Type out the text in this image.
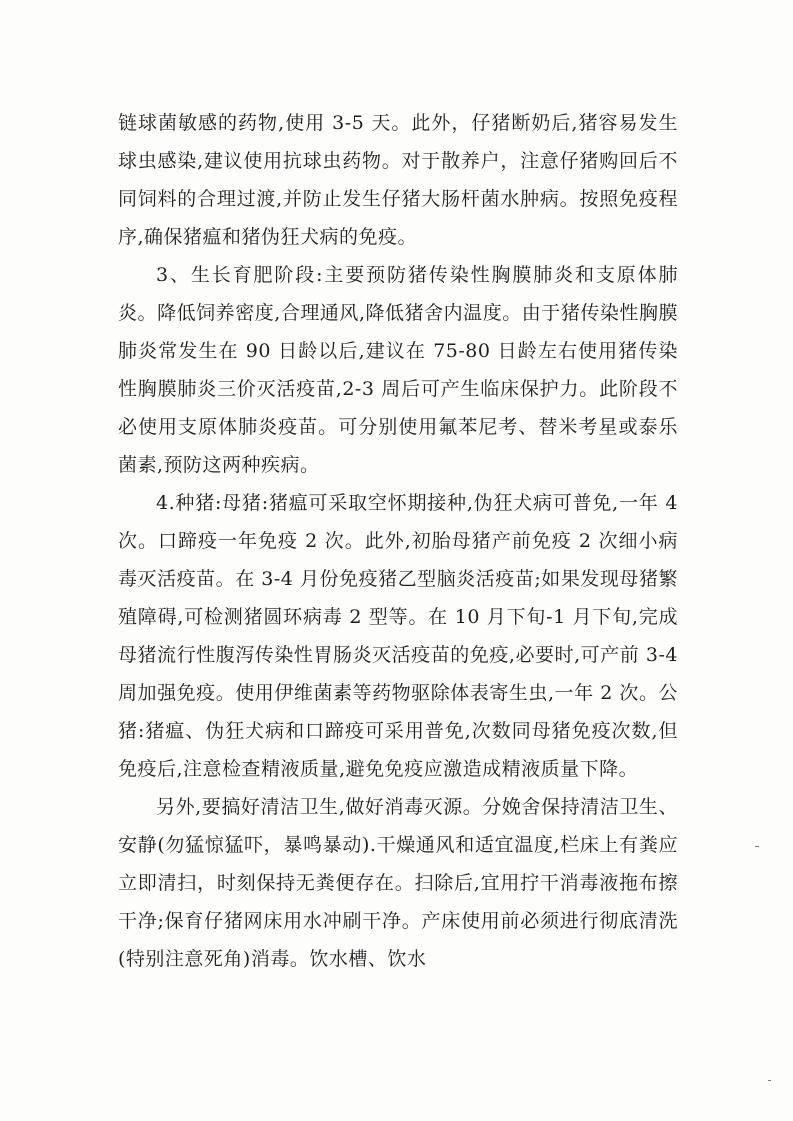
链球菌敏感的药物,使用 3-5 天。此外，仔猪断奶后,猪容易发生球虫感染,建议使用抗球虫药物。对于散养户，注意仔猪购回后不同饲料的合理过渡,并防止发生仔猪大肠杆菌水肿病。按照免疫程序,确保猪瘟和猪伪狂犬病的免疫。

3、生长育肥阶段:主要预防猪传染性胸膜肺炎和支原体肺炎。降低饲养密度,合理通风,降低猪舍内温度。由于猪传染性胸膜肺炎常发生在 90 日龄以后,建议在 75-80 日龄左右使用猪传染性胸膜肺炎三价灭活疫苗,2-3 周后可产生临床保护力。此阶段不必使用支原体肺炎疫苗。可分别使用氟苯尼考、替米考星或泰乐菌素,预防这两种疾病。

4.种猪:母猪:猪瘟可采取空怀期接种,伪狂犬病可普免,一年 4 次。口蹄疫一年免疫 2 次。此外,初胎母猪产前免疫 2 次细小病毒灭活疫苗。在 3-4 月份免疫猪乙型脑炎活疫苗;如果发现母猪繁殖障碍,可检测猪圆环病毒 2 型等。在 10 月下旬-1 月下旬,完成母猪流行性腹泻传染性胃肠炎灭活疫苗的免疫,必要时,可产前 3-4 周加强免疫。使用伊维菌素等药物驱除体表寄生虫,一年 2 次。公猪:猪瘟、伪狂犬病和口蹄疫可采用普免,次数同母猪免疫次数,但免疫后,注意检查精液质量,避免免疫应激造成精液质量下降。

另外,要搞好清洁卫生,做好消毒灭源。分娩舍保持清洁卫生、安静(勿猛惊猛吓，暴鸣暴动).干燥通风和适宜温度,栏床上有粪应立即清扫，时刻保持无粪便存在。扫除后,宜用拧干消毒液拖布擦干净;保育仔猪网床用水冲刷干净。产床使用前必须进行彻底清洗(特别注意死角)消毒。饮水槽、饮水
